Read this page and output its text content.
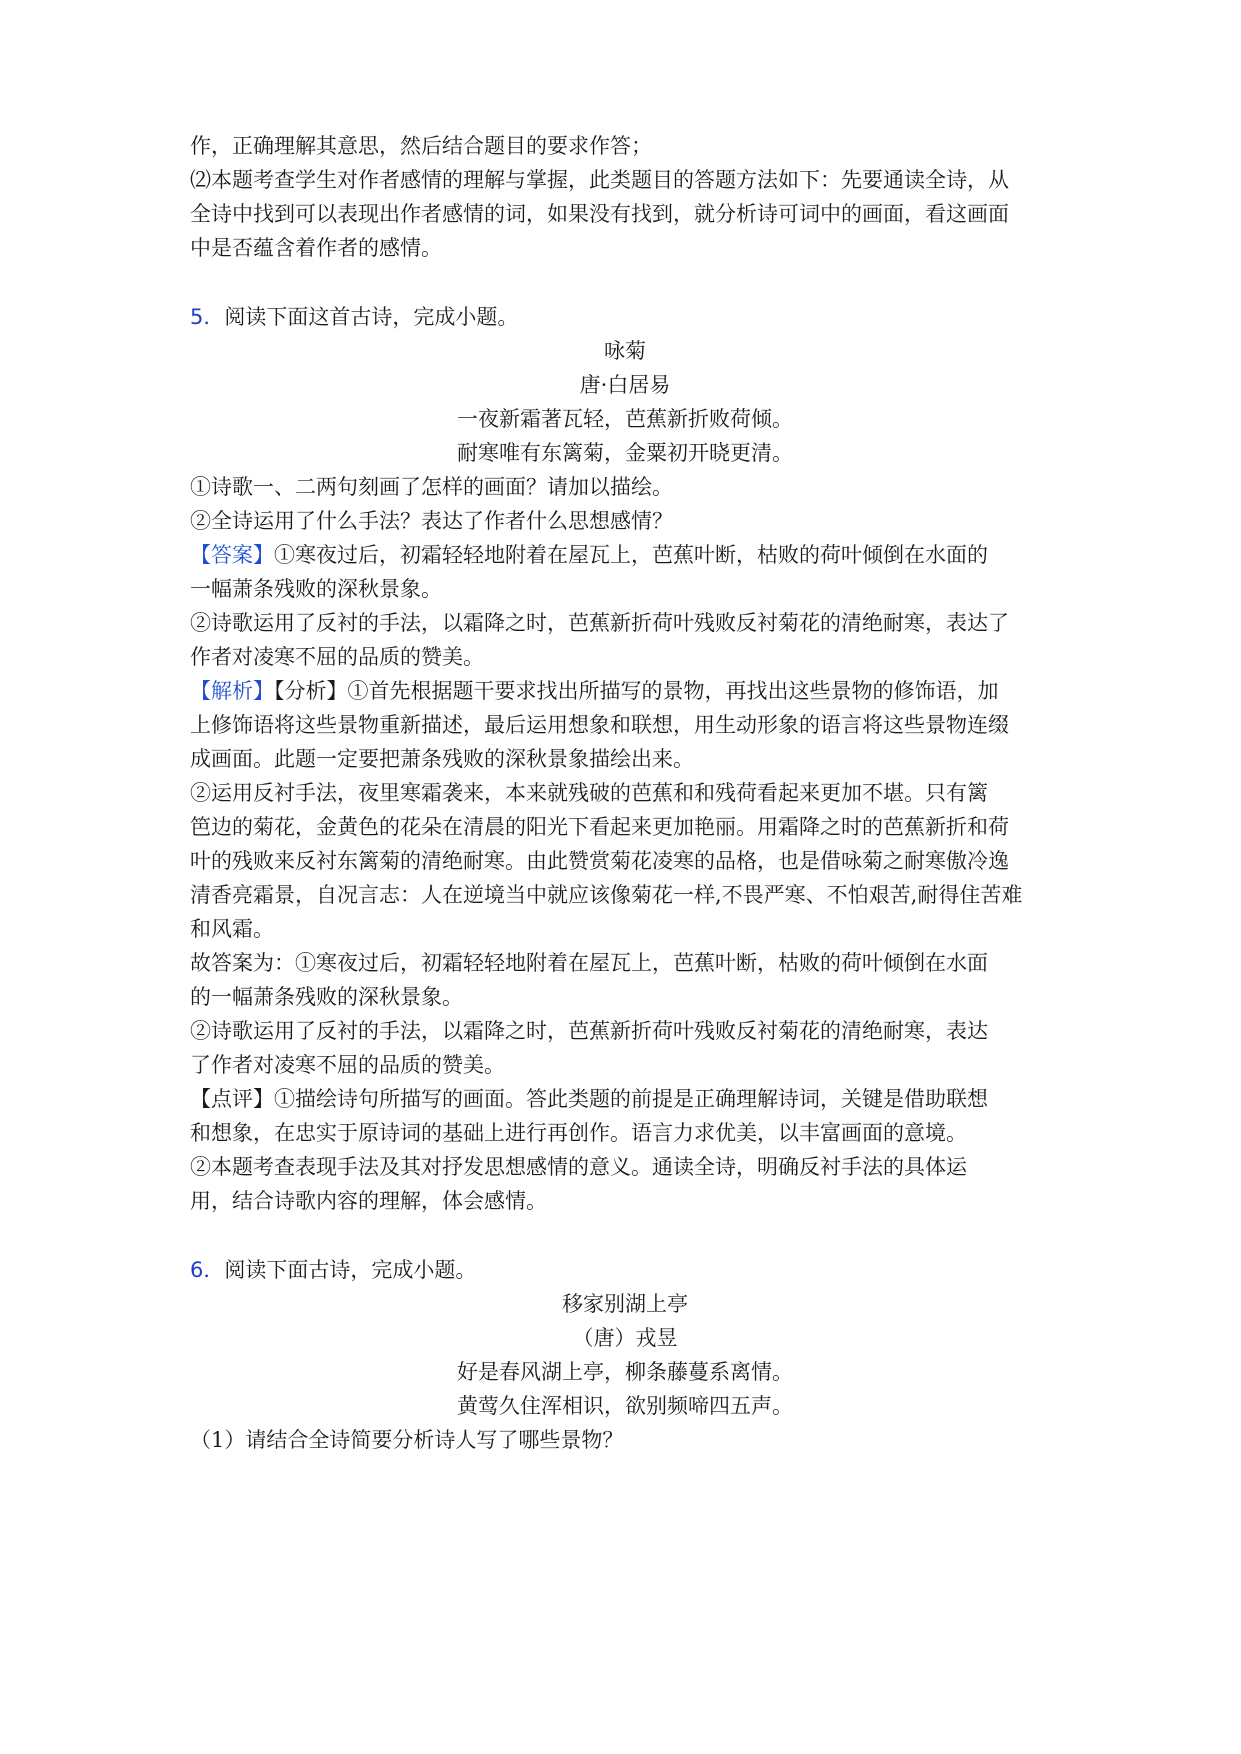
作，正确理解其意思，然后结合题目的要求作答；
⑵本题考查学生对作者感情的理解与掌握，此类题目的答题方法如下：先要通读全诗，从
全诗中找到可以表现出作者感情的词，如果没有找到，就分析诗可词中的画面，看这画面
中是否蕴含着作者的感情。
5．阅读下面这首古诗，完成小题。
咏菊
唐·白居易
一夜新霜著瓦轻，芭蕉新折败荷倾。
耐寒唯有东篱菊，金粟初开晓更清。
①诗歌一、二两句刻画了怎样的画面？请加以描绘。
②全诗运用了什么手法？表达了作者什么思想感情？
【答案】①寒夜过后，初霜轻轻地附着在屋瓦上，芭蕉叶断，枯败的荷叶倾倒在水面的
一幅萧条残败的深秋景象。
②诗歌运用了反衬的手法，以霜降之时，芭蕉新折荷叶残败反衬菊花的清绝耐寒，表达了
作者对凌寒不屈的品质的赞美。
【解析】【分析】①首先根据题干要求找出所描写的景物，再找出这些景物的修饰语，加
上修饰语将这些景物重新描述，最后运用想象和联想，用生动形象的语言将这些景物连缀
成画面。此题一定要把萧条残败的深秋景象描绘出来。
②运用反衬手法，夜里寒霜袭来，本来就残破的芭蕉和和残荷看起来更加不堪。只有篱
笆边的菊花，金黄色的花朵在清晨的阳光下看起来更加艳丽。用霜降之时的芭蕉新折和荷
叶的残败来反衬东篱菊的清绝耐寒。由此赞赏菊花凌寒的品格，也是借咏菊之耐寒傲冷逸
清香亮霜景，自况言志：人在逆境当中就应该像菊花一样,不畏严寒、不怕艰苦,耐得住苦难
和风霜。
故答案为：①寒夜过后，初霜轻轻地附着在屋瓦上，芭蕉叶断，枯败的荷叶倾倒在水面
的一幅萧条残败的深秋景象。
②诗歌运用了反衬的手法，以霜降之时，芭蕉新折荷叶残败反衬菊花的清绝耐寒，表达
了作者对凌寒不屈的品质的赞美。
【点评】①描绘诗句所描写的画面。答此类题的前提是正确理解诗词，关键是借助联想
和想象，在忠实于原诗词的基础上进行再创作。语言力求优美，以丰富画面的意境。
②本题考查表现手法及其对抒发思想感情的意义。通读全诗，明确反衬手法的具体运
用，结合诗歌内容的理解，体会感情。
6．阅读下面古诗，完成小题。
移家别湖上亭
（唐）戎昱
好是春风湖上亭，柳条藤蔓系离情。
黄莺久住浑相识，欲别频啼四五声。
（1）请结合全诗简要分析诗人写了哪些景物？
